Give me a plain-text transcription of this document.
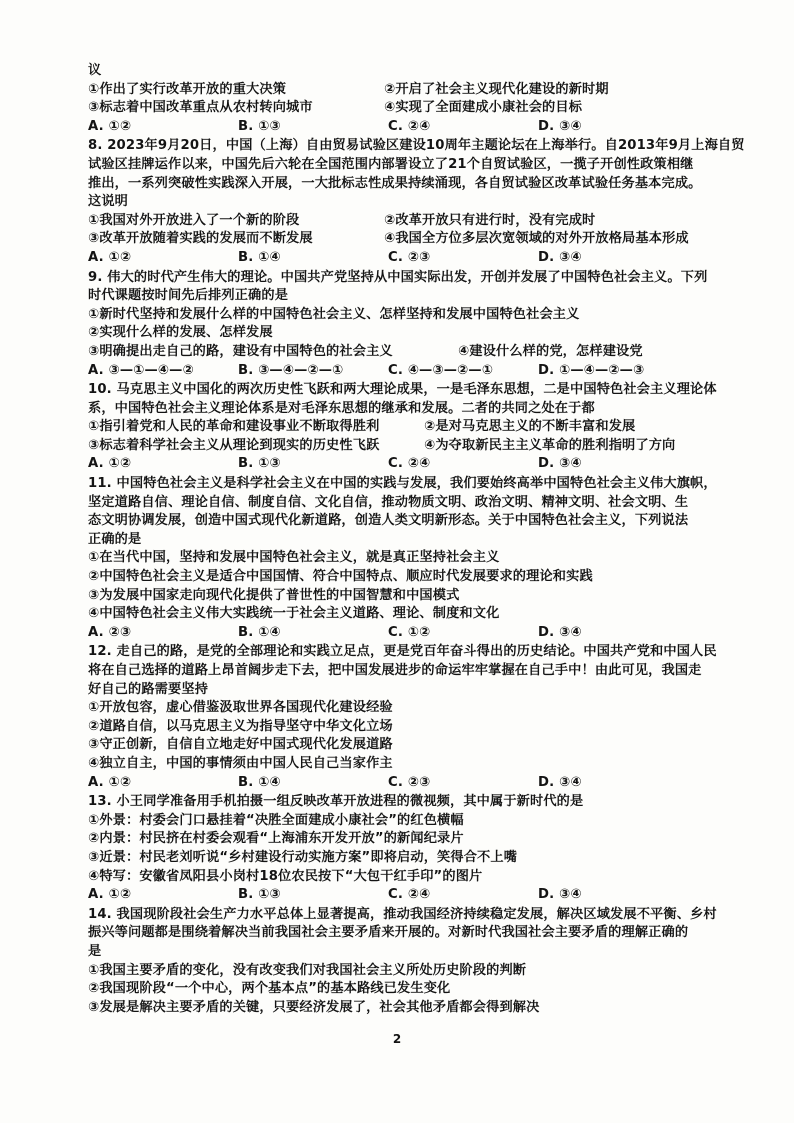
议
①作出了实行改革开放的重大决策	②开启了社会主义现代化建设的新时期
③标志着中国改革重点从农村转向城市	④实现了全面建成小康社会的目标
A. ①②	B. ①③	C. ②④	D. ③④
8. 2023年9月20日，中国（上海）自由贸易试验区建设10周年主题论坛在上海举行。自2013年9月上海自贸
试验区挂牌运作以来，中国先后六轮在全国范围内部署设立了21个自贸试验区，一揽子开创性政策相继
推出，一系列突破性实践深入开展，一大批标志性成果持续涌现，各自贸试验区改革试验任务基本完成。
这说明
①我国对外开放进入了一个新的阶段	②改革开放只有进行时，没有完成时
③改革开放随着实践的发展而不断发展	④我国全方位多层次宽领域的对外开放格局基本形成
A. ①②	B. ①④	C. ②③	D. ③④
9. 伟大的时代产生伟大的理论。中国共产党坚持从中国实际出发，开创并发展了中国特色社会主义。下列
时代课题按时间先后排列正确的是
①新时代坚持和发展什么样的中国特色社会主义、怎样坚持和发展中国特色社会主义
②实现什么样的发展、怎样发展
③明确提出走自己的路，建设有中国特色的社会主义	④建设什么样的党，怎样建设党
A. ③—①—④—②	B. ③—④—②—①	C. ④—③—②—①	D. ①—④—②—③
10. 马克思主义中国化的两次历史性飞跃和两大理论成果，一是毛泽东思想，二是中国特色社会主义理论体
系，中国特色社会主义理论体系是对毛泽东思想的继承和发展。二者的共同之处在于都
①指引着党和人民的革命和建设事业不断取得胜利	②是对马克思主义的不断丰富和发展
③标志着科学社会主义从理论到现实的历史性飞跃	④为夺取新民主主义革命的胜利指明了方向
A. ①②	B. ①③	C. ②④	D. ③④
11. 中国特色社会主义是科学社会主义在中国的实践与发展，我们要始终高举中国特色社会主义伟大旗帜，
坚定道路自信、理论自信、制度自信、文化自信，推动物质文明、政治文明、精神文明、社会文明、生
态文明协调发展，创造中国式现代化新道路，创造人类文明新形态。关于中国特色社会主义，下列说法
正确的是
①在当代中国，坚持和发展中国特色社会主义，就是真正坚持社会主义
②中国特色社会主义是适合中国国情、符合中国特点、顺应时代发展要求的理论和实践
③为发展中国家走向现代化提供了普世性的中国智慧和中国模式
④中国特色社会主义伟大实践统一于社会主义道路、理论、制度和文化
A. ②③	B. ①④	C. ①②	D. ③④
12. 走自己的路，是党的全部理论和实践立足点，更是党百年奋斗得出的历史结论。中国共产党和中国人民
将在自己选择的道路上昂首阔步走下去，把中国发展进步的命运牢牢掌握在自己手中！由此可见，我国走
好自己的路需要坚持
①开放包容，虚心借鉴汲取世界各国现代化建设经验
②道路自信，以马克思主义为指导坚守中华文化立场
③守正创新，自信自立地走好中国式现代化发展道路
④独立自主，中国的事情须由中国人民自己当家作主
A. ①②	B. ①④	C. ②③	D. ③④
13. 小王同学准备用手机拍摄一组反映改革开放进程的微视频，其中属于新时代的是
①外景：村委会门口悬挂着“决胜全面建成小康社会”的红色横幅
②内景：村民挤在村委会观看“上海浦东开发开放”的新闻纪录片
③近景：村民老刘听说“乡村建设行动实施方案”即将启动，笑得合不上嘴
④特写：安徽省凤阳县小岗村18位农民按下“大包干红手印”的图片
A. ①②	B. ①③	C. ②④	D. ③④
14. 我国现阶段社会生产力水平总体上显著提高，推动我国经济持续稳定发展，解决区域发展不平衡、乡村
振兴等问题都是围绕着解决当前我国社会主要矛盾来开展的。对新时代我国社会主要矛盾的理解正确的
是
①我国主要矛盾的变化，没有改变我们对我国社会主义所处历史阶段的判断
②我国现阶段“一个中心，两个基本点”的基本路线已发生变化
③发展是解决主要矛盾的关键，只要经济发展了，社会其他矛盾都会得到解决
2
